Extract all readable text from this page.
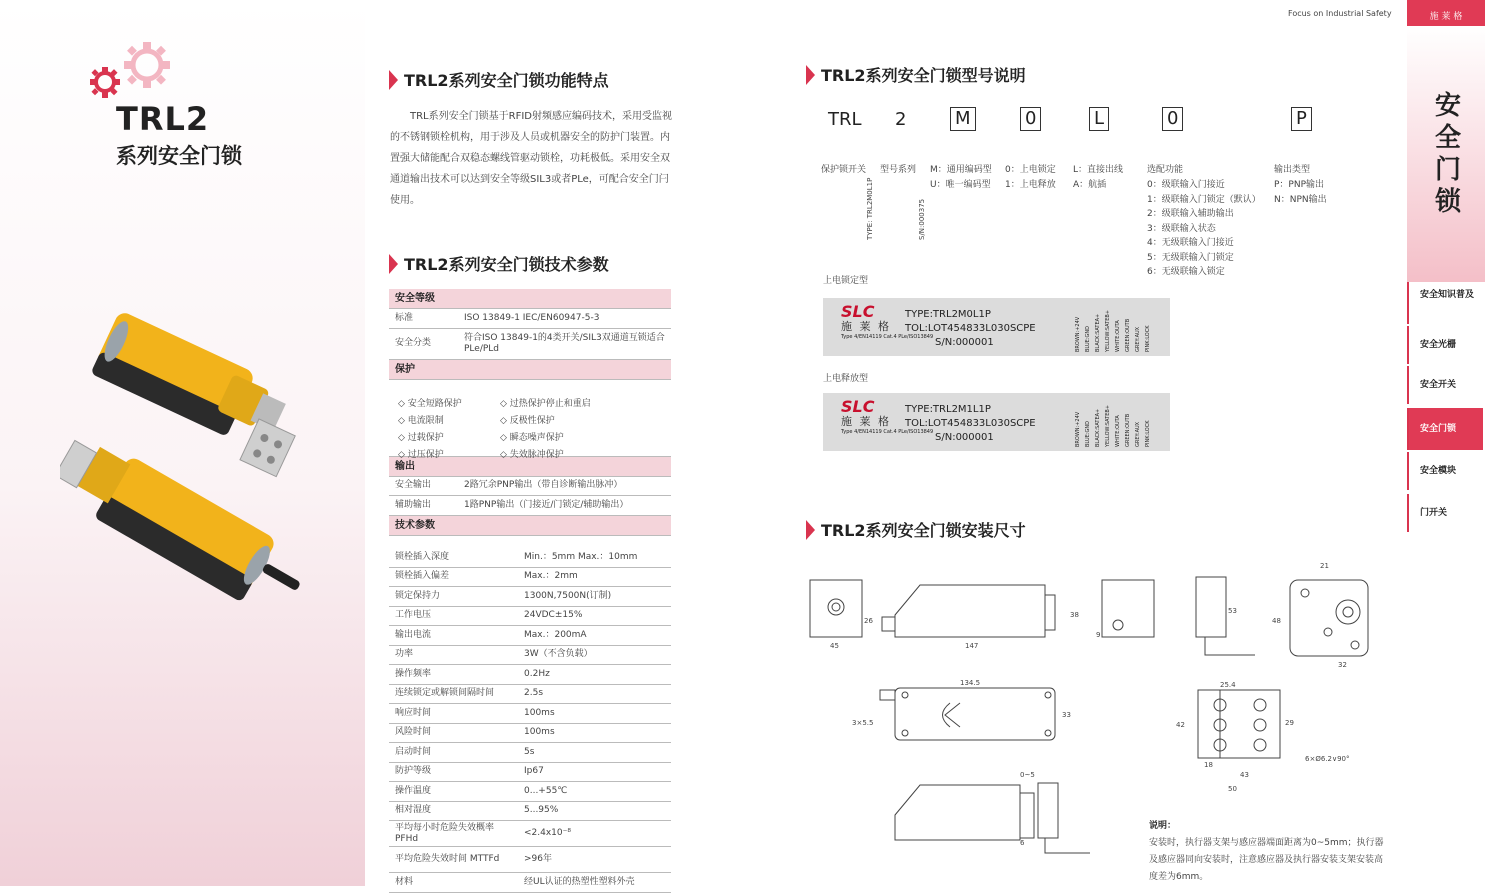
TRL2
系列安全门锁
TRL2系列安全门锁功能特点
TRL系列安全门锁基于RFID射频感应编码技术，采用受监视的不锈钢锁栓机构，用于涉及人员或机器安全的防护门装置。内置强大储能配合双稳态螺线管驱动锁栓，功耗极低。采用安全双通道输出技术可以达到安全等级SIL3或者PLe，可配合安全门闩使用。
TRL2系列安全门锁技术参数
安全等级	
标准	ISO 13849-1 IEC/EN60947-5-3
安全分类	符合ISO 13849-1的4类开关/SIL3双通道互锁适合PLe/PLd
保护	

输出	
安全输出	2路冗余PNP输出（带自诊断输出脉冲）
辅助输出	1路PNP输出（门接近/门锁定/辅助输出）
技术参数	
◇ 安全短路保护	◇ 过热保护停止和重启
◇ 电流限制	◇ 反极性保护
◇ 过载保护	◇ 瞬态噪声保护
◇ 过压保护	◇ 失效脉冲保护
锁栓插入深度	Min.：5mm Max.：10mm
锁栓插入偏差	Max.：2mm
锁定保持力	1300N,7500N(订制)
工作电压	24VDC±15%
输出电流	Max.：200mA
功率	3W（不含负载）
操作频率	0.2Hz
连续锁定或解锁间隔时间	2.5s
响应时间	100ms
风险时间	100ms
启动时间	5s
防护等级	Ip67
操作温度	0...+55℃
相对湿度	5...95%
平均每小时危险失效概率 PFHd	<2.4x10⁻⁸
平均危险失效时间 MTTFd	>96年
材料	经UL认证的热塑性塑料外壳
TRL2系列安全门锁型号说明
TRL 2	M	0	L	0	P
保护锁开关 型号系列 M：通用编码型
U：唯一编码型
0：上电锁定
1：上电释放
L：直接出线
A：航插
选配功能
0：级联输入门接近
1：级联输入门锁定（默认）
2：级联输入辅助输出
3：级联输入状态
4：无级联输入门接近
5：无级联输入门锁定
6：无级联输入锁定
输出类型
P：PNP输出
N：NPN输出
TYPE: TRL2M0L1P	S/N:000375
上电锁定型
SLC
施 莱 格
Type 4/EN14119 Cat.4 PLe/ISO13849
TYPE:TRL2M0L1P
TOL:LOT454833L030SCPE
S/N:000001	BROWN:+24V BLUE:GND BLACK:SATEA+ YELLOW:SATEB+ WHITE:OUTA GREEN:OUTB GREY:AUX PINK:LOCK
上电释放型
SLC
施 莱 格
Type 4/EN14119 Cat.4 PLe/ISO13849
TYPE:TRL2M1L1P
TOL:LOT454833L030SCPE
S/N:000001	BROWN:+24V BLUE:GND BLACK:SATEA+ YELLOW:SATEB+ WHITE:OUTA GREEN:OUTB GREY:AUX PINK:LOCK
TRL2系列安全门锁安装尺寸
45
26
147
38
9
53
21
48
32
134.5
33
3×5.5
25.4
42	29
18
43
50
6×Ø6.2∨90°
0~5
6
说明：
安装时，执行器支架与感应器端面距离为0~5mm；执行器及感应器同向安装时，注意感应器及执行器安装支架安装高度差为6mm。
Focus on Industrial Safety	施 莱 格
安全门锁
安全知识普及
安全光栅
安全开关
安全门锁
安全模块
门开关
